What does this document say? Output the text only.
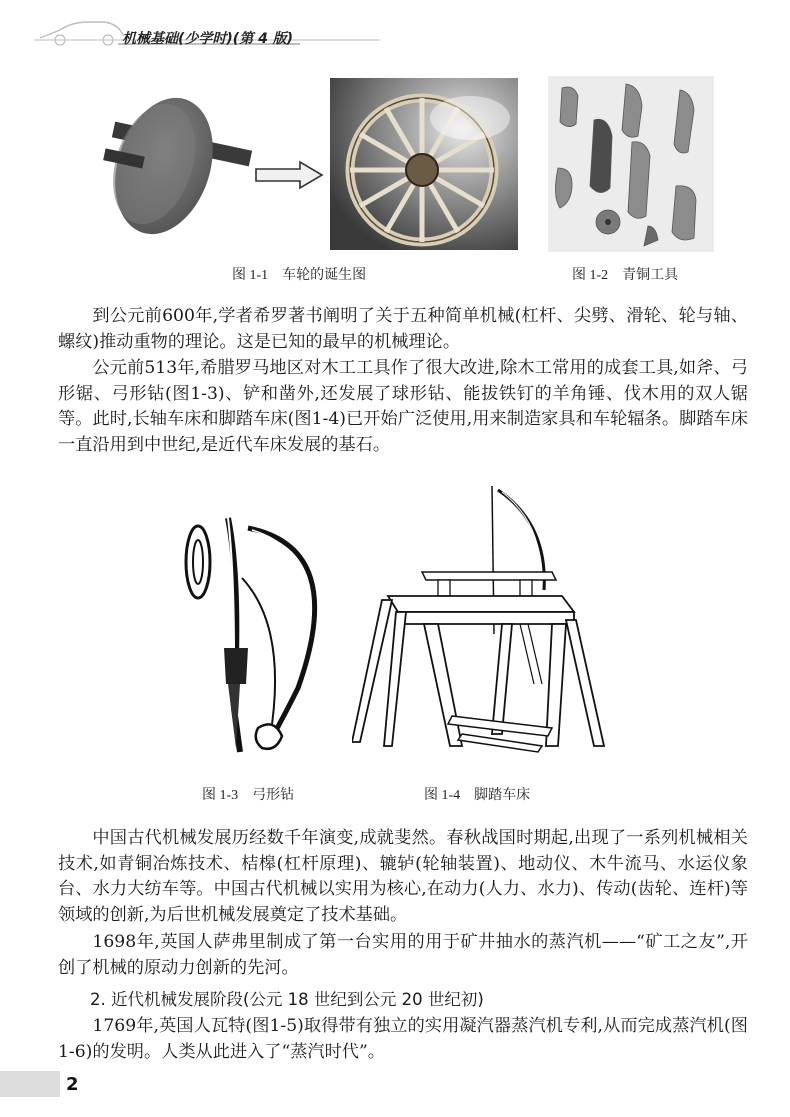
机械基础(少学时)(第 4 版)
图 1-1    车轮的诞生图	图 1-2    青铜工具

到公元前600年,学者希罗著书阐明了关于五种简单机械(杠杆、尖劈、滑轮、轮与轴、螺纹)推动重物的理论。这是已知的最早的机械理论。

公元前513年,希腊罗马地区对木工工具作了很大改进,除木工常用的成套工具,如斧、弓形锯、弓形钻(图1-3)、铲和凿外,还发展了球形钻、能拔铁钉的羊角锤、伐木用的双人锯等。此时,长轴车床和脚踏车床(图1-4)已开始广泛使用,用来制造家具和车轮辐条。脚踏车床一直沿用到中世纪,是近代车床发展的基石。

图 1-3    弓形钻	图 1-4    脚踏车床

中国古代机械发展历经数千年演变,成就斐然。春秋战国时期起,出现了一系列机械相关技术,如青铜冶炼技术、桔槔(杠杆原理)、辘轳(轮轴装置)、地动仪、木牛流马、水运仪象台、水力大纺车等。中国古代机械以实用为核心,在动力(人力、水力)、传动(齿轮、连杆)等领域的创新,为后世机械发展奠定了技术基础。

1698年,英国人萨弗里制成了第一台实用的用于矿井抽水的蒸汽机——“矿工之友”,开创了机械的原动力创新的先河。

2. 近代机械发展阶段(公元 18 世纪到公元 20 世纪初)

1769年,英国人瓦特(图1-5)取得带有独立的实用凝汽器蒸汽机专利,从而完成蒸汽机(图1-6)的发明。人类从此进入了“蒸汽时代”。

2
